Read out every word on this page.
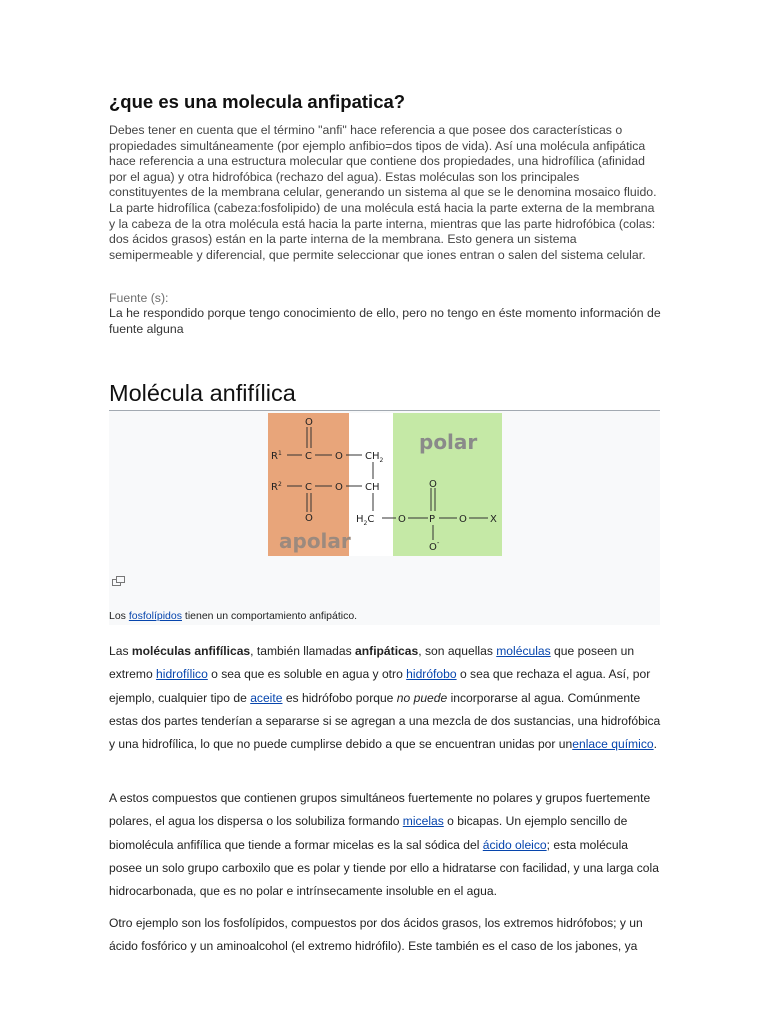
¿que es una molecula anfipatica?

Debes tener en cuenta que el término "anfi" hace referencia a que posee dos características o propiedades simultáneamente (por ejemplo anfibio=dos tipos de vida). Así una molécula anfipática hace referencia a una estructura molecular que contiene dos propiedades, una hidrofílica (afinidad por el agua) y otra hidrofóbica (rechazo del agua). Estas moléculas son los principales constituyentes de la membrana celular, generando un sistema al que se le denomina mosaico fluido. La parte hidrofílica (cabeza:fosfolipido) de una molécula está hacia la parte externa de la membrana y la cabeza de la otra molécula está hacia la parte interna, mientras que las parte hidrofóbica (colas: dos ácidos grasos) están en la parte interna de la membrana. Esto genera un sistema semipermeable y diferencial, que permite seleccionar que iones entran o salen del sistema celular.

Fuente (s):

La he respondido porque tengo conocimiento de ello, pero no tengo en éste momento información de fuente alguna

Molécula anfifílica
polar
apolar
O
$R^1$ C O $CH_2$
$R^2$ C O CH
O	$H_2C$ O P
O
O X
O-

Los fosfolípidos tienen un comportamiento anfipático.

Las moléculas anfifílicas, también llamadas anfipáticas, son aquellas moléculas que poseen un extremo hidrofílico o sea que es soluble en agua y otro hidrófobo o sea que rechaza el agua. Así, por ejemplo, cualquier tipo de aceite es hidrófobo porque no puede incorporarse al agua. Comúnmente estas dos partes tenderían a separarse si se agregan a una mezcla de dos sustancias, una hidrofóbica y una hidrofílica, lo que no puede cumplirse debido a que se encuentran unidas por unenlace químico.

A estos compuestos que contienen grupos simultáneos fuertemente no polares y grupos fuertemente polares, el agua los dispersa o los solubiliza formando micelas o bicapas. Un ejemplo sencillo de biomolécula anfifílica que tiende a formar micelas es la sal sódica del ácido oleico; esta molécula posee un solo grupo carboxilo que es polar y tiende por ello a hidratarse con facilidad, y una larga cola hidrocarbonada, que es no polar e intrínsecamente insoluble en el agua.

Otro ejemplo son los fosfolípidos, compuestos por dos ácidos grasos, los extremos hidrófobos; y un ácido fosfórico y un aminoalcohol (el extremo hidrófilo). Este también es el caso de los jabones, ya
